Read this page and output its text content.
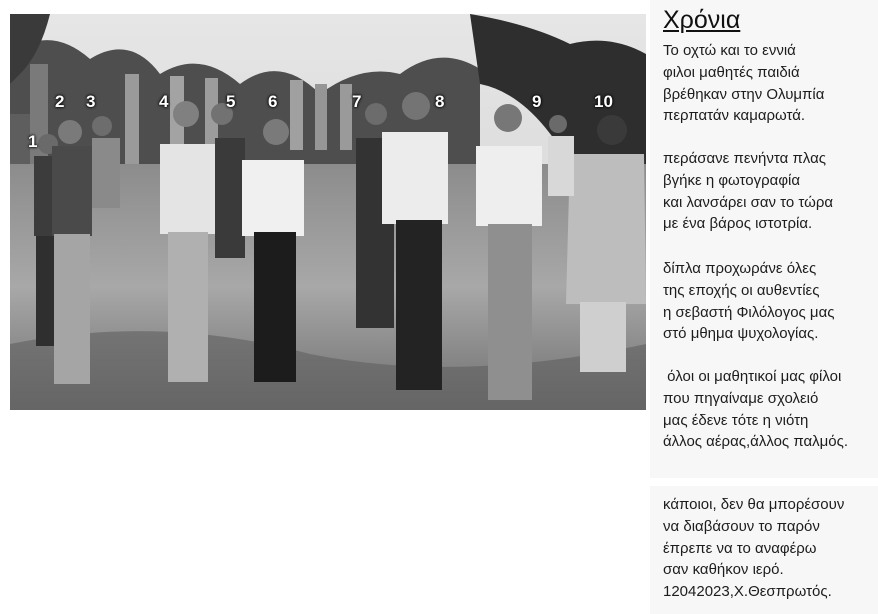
1
2 3	4	5 6	7	8	9	10
Χρόνια
Το οχτώ και το εννιά
φιλοι μαθητές παιδιά
βρέθηκαν στην Ολυμπία
περπατάν καμαρωτά.
περάσανε πενήντα πλας
βγήκε η φωτογραφία
και λανσάρει σαν το τώρα
με ένα βάρος ιστοτρία.
δίπλα προχωράνε όλες
της εποχής οι αυθεντίες
η σεβαστή Φιλόλογος μας
στό μθημα ψυχολογίας.
όλοι οι μαθητικοί μας φίλοι
που πηγαίναμε σχολειό
μας έδενε τότε η νιότη
άλλος αέρας,άλλος παλμός.
κάποιοι, δεν θα μπορέσουν
να διαβάσουν το παρόν
έπρεπε να το αναφέρω
σαν καθήκον ιερό.
12042023,Χ.Θεσπρωτός.
